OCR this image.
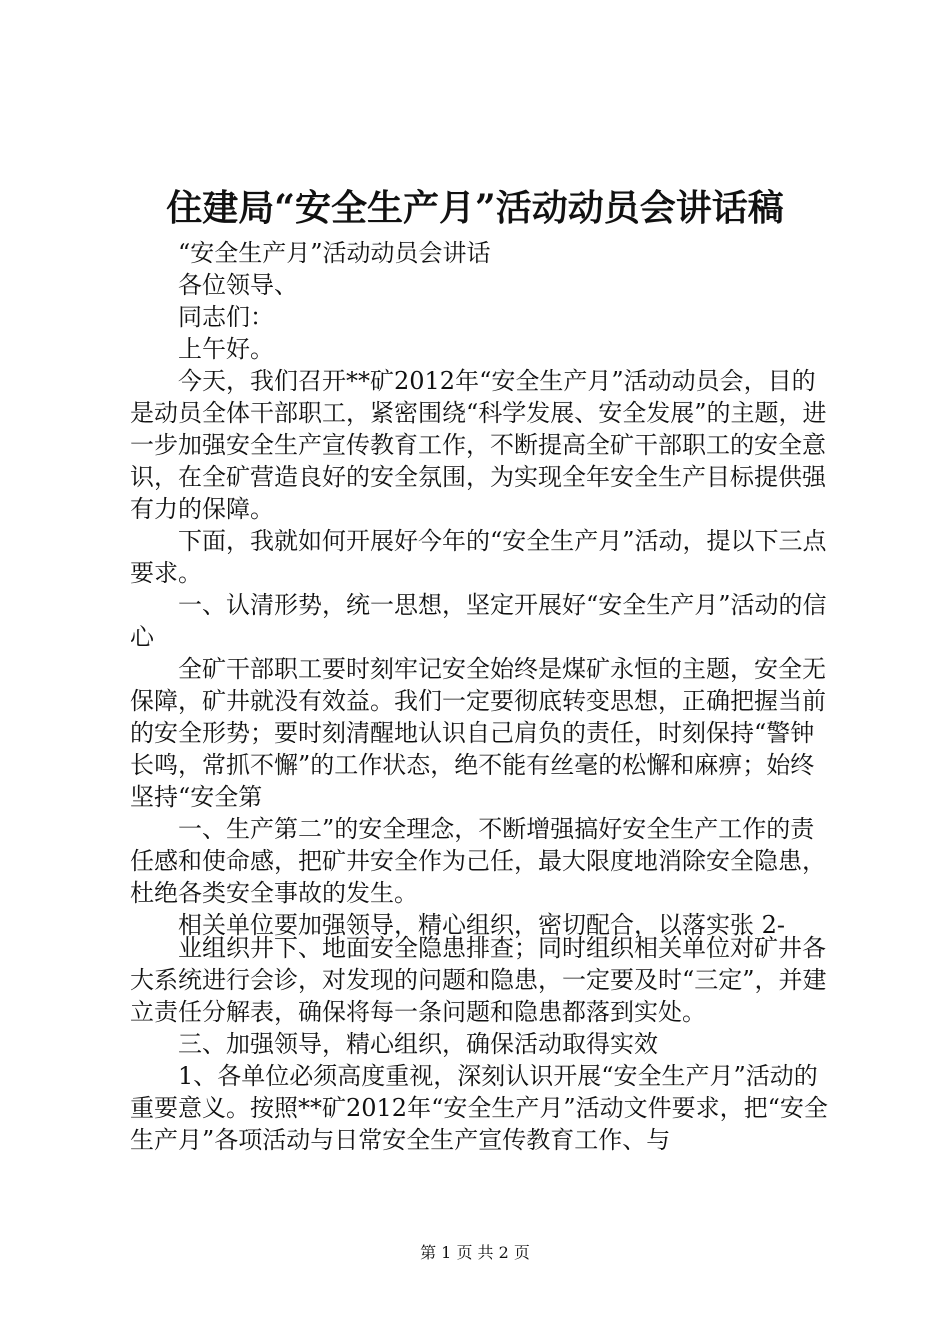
住建局“安全生产月”活动动员会讲话稿

“安全生产月”活动动员会讲话

各位领导、

同志们：

上午好。

今天，我们召开**矿2012年“安全生产月”活动动员会，目的是动员全体干部职工，紧密围绕“科学发展、安全发展”的主题，进一步加强安全生产宣传教育工作，不断提高全矿干部职工的安全意识，在全矿营造良好的安全氛围，为实现全年安全生产目标提供强有力的保障。

下面，我就如何开展好今年的“安全生产月”活动，提以下三点要求。

一、认清形势，统一思想，坚定开展好“安全生产月”活动的信心

全矿干部职工要时刻牢记安全始终是煤矿永恒的主题，安全无保障，矿井就没有效益。我们一定要彻底转变思想，正确把握当前的安全形势；要时刻清醒地认识自己肩负的责任，时刻保持“警钟长鸣，常抓不懈”的工作状态，绝不能有丝毫的松懈和麻痹；始终坚持“安全第

一、生产第二”的安全理念，不断增强搞好安全生产工作的责任感和使命感，把矿井安全作为己任，最大限度地消除安全隐患，杜绝各类安全事故的发生。

相关单位要加强领导，精心组织，密切配合，以落实张 2-

业组织井下、地面安全隐患排查；同时组织相关单位对矿井各大系统进行会诊，对发现的问题和隐患，一定要及时“三定”，并建立责任分解表，确保将每一条问题和隐患都落到实处。

三、加强领导，精心组织，确保活动取得实效

1、各单位必须高度重视，深刻认识开展“安全生产月”活动的重要意义。按照**矿2012年“安全生产月”活动文件要求，把“安全生产月”各项活动与日常安全生产宣传教育工作、与

第 1 页 共 2 页
